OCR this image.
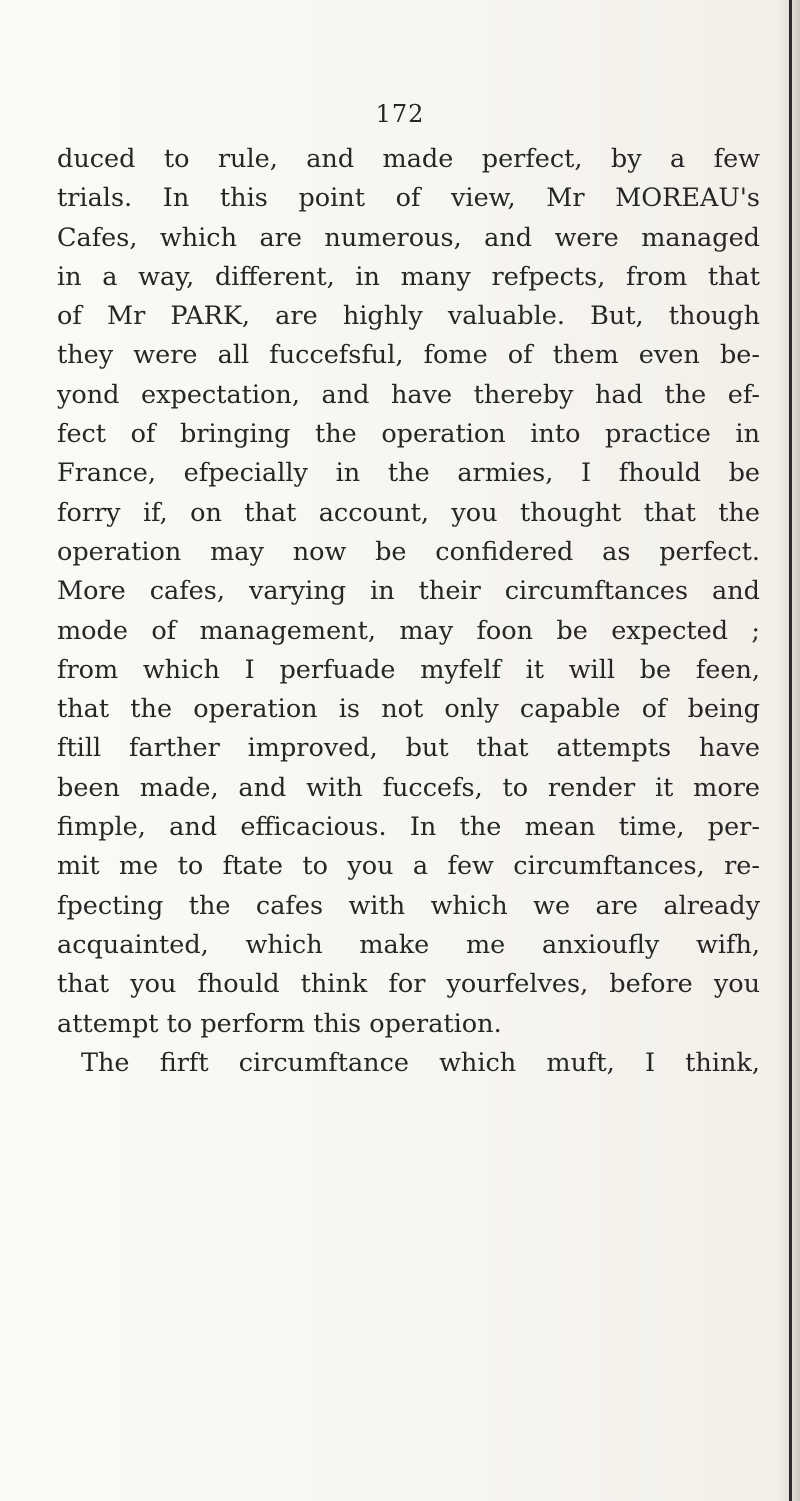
172
duced to rule, and made perfect, by a few
trials. In this point of view, Mr MOREAU's
Cafes, which are numerous, and were managed
in a way, different, in many refpects, from that
of Mr PARK, are highly valuable. But, though
they were all fuccefsful, fome of them even be-
yond expectation, and have thereby had the ef-
fect of bringing the operation into practice in
France, efpecially in the armies, I fhould be
forry if, on that account, you thought that the
operation may now be confidered as perfect.
More cafes, varying in their circumftances and
mode of management, may foon be expected ;
from which I perfuade myfelf it will be feen,
that the operation is not only capable of being
ftill farther improved, but that attempts have
been made, and with fuccefs, to render it more
fimple, and efficacious. In the mean time, per-
mit me to ftate to you a few circumftances, re-
fpecting the cafes with which we are already
acquainted, which make me anxioufly wifh,
that you fhould think for yourfelves, before you
attempt to perform this operation.
The firft circumftance which muft, I think,
